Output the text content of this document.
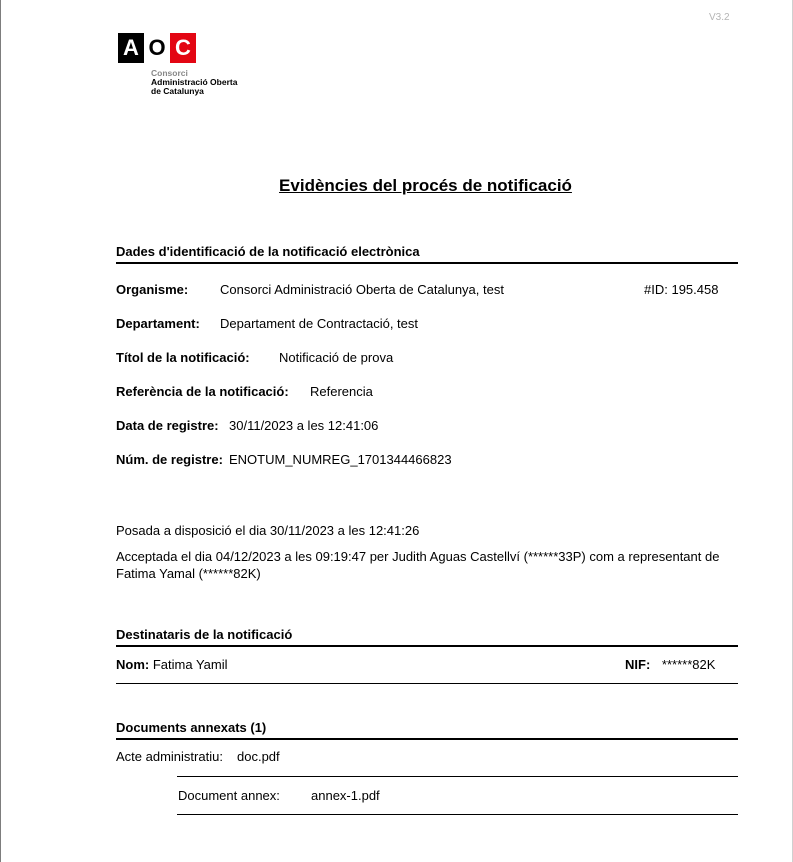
V3.2
A O C
Consorci
Administració Oberta
de Catalunya
Evidències del procés de notificació
Dades d'identificació de la notificació electrònica
Organisme: Consorci Administració Oberta de Catalunya, test	#ID: 195.458
Departament: Departament de Contractació, test
Títol de la notificació: Notificació de prova
Referència de la notificació: Referencia
Data de registre: 30/11/2023 a les 12:41:06
Núm. de registre: ENOTUM_NUMREG_1701344466823
Posada a disposició el dia 30/11/2023 a les 12:41:26
Acceptada el dia 04/12/2023 a les 09:19:47 per Judith Aguas Castellví (******33P) com a representant de Fatima Yamal (******82K)
Destinataris de la notificació
Nom: Fatima Yamil	NIF: ******82K
Documents annexats (1)
Acte administratiu: doc.pdf
Document annex: annex-1.pdf
